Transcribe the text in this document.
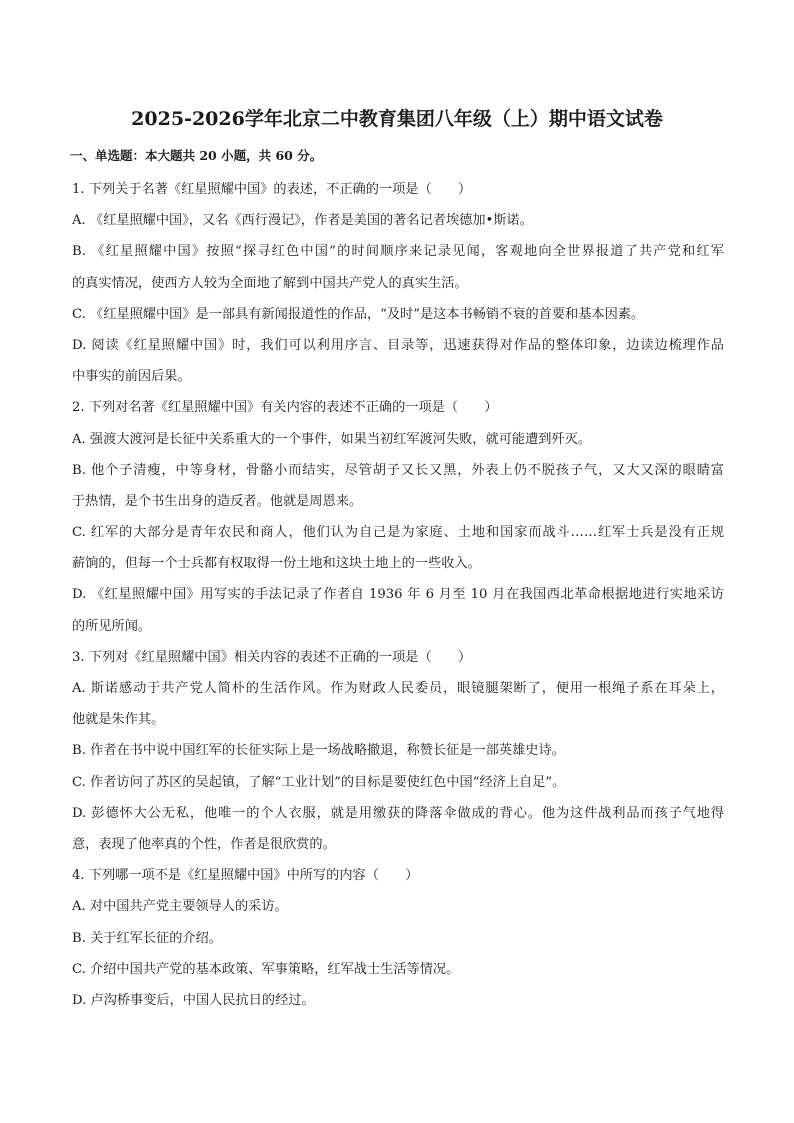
2025-2026学年北京二中教育集团八年级（上）期中语文试卷
一、单选题：本大题共 20 小题，共 60 分。
1. 下列关于名著《红星照耀中国》的表述，不正确的一项是（　　）
A. 《红星照耀中国》，又名《西行漫记》，作者是美国的著名记者埃德加•斯诺。
B. 《红星照耀中国》按照“探寻红色中国”的时间顺序来记录见闻，客观地向全世界报道了共产党和红军
的真实情况，使西方人较为全面地了解到中国共产党人的真实生活。
C. 《红星照耀中国》是一部具有新闻报道性的作品，“及时”是这本书畅销不衰的首要和基本因素。
D. 阅读《红星照耀中国》时，我们可以利用序言、目录等，迅速获得对作品的整体印象，边读边梳理作品
中事实的前因后果。
2. 下列对名著《红星照耀中国》有关内容的表述不正确的一项是（　　）
A. 强渡大渡河是长征中关系重大的一个事件，如果当初红军渡河失败，就可能遭到歼灭。
B. 他个子清瘦，中等身材，骨骼小而结实，尽管胡子又长又黑，外表上仍不脱孩子气，又大又深的眼睛富
于热情，是个书生出身的造反者。他就是周恩来。
C. 红军的大部分是青年农民和商人，他们认为自己是为家庭、土地和国家而战斗……红军士兵是没有正规
薪饷的，但每一个士兵都有权取得一份土地和这块土地上的一些收入。
D. 《红星照耀中国》用写实的手法记录了作者自 1936 年 6 月至 10 月在我国西北革命根据地进行实地采访
的所见所闻。
3. 下列对《红星照耀中国》相关内容的表述不正确的一项是（　　）
A. 斯诺感动于共产党人简朴的生活作风。作为财政人民委员，眼镜腿架断了，便用一根绳子系在耳朵上，
他就是朱作其。
B. 作者在书中说中国红军的长征实际上是一场战略撤退，称赞长征是一部英雄史诗。
C. 作者访问了苏区的吴起镇，了解“工业计划”的目标是要使红色中国“经济上自足”。
D. 彭德怀大公无私，他唯一的个人衣服，就是用缴获的降落伞做成的背心。他为这件战利品而孩子气地得
意，表现了他率真的个性，作者是很欣赏的。
4. 下列哪一项不是《红星照耀中国》中所写的内容（　　）
A. 对中国共产党主要领导人的采访。
B. 关于红军长征的介绍。
C. 介绍中国共产党的基本政策、军事策略，红军战士生活等情况。
D. 卢沟桥事变后，中国人民抗日的经过。
